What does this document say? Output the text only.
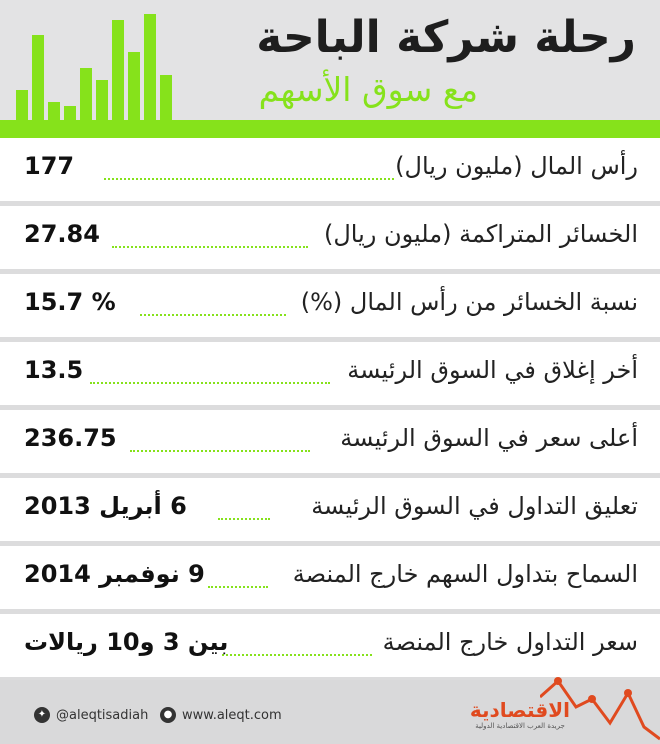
رحلة شركة الباحة
مع سوق الأسهم
رأس المال (مليون ريال)
177
الخسائر المتراكمة (مليون ريال)
27.84
نسبة الخسائر من رأس المال (%)
% 15.7
أخر إغلاق في السوق الرئيسة
13.5
أعلى سعر في السوق الرئيسة
236.75
تعليق التداول في السوق الرئيسة
6 أبريل 2013
السماح بتداول السهم خارج المنصة
9 نوفمبر 2014
سعر التداول خارج المنصة
بين 3 و10 ريالات
✦ @aleqtisadiah	● www.aleqt.com	الاقتصادية
جريدة العرب الاقتصادية الدولية
